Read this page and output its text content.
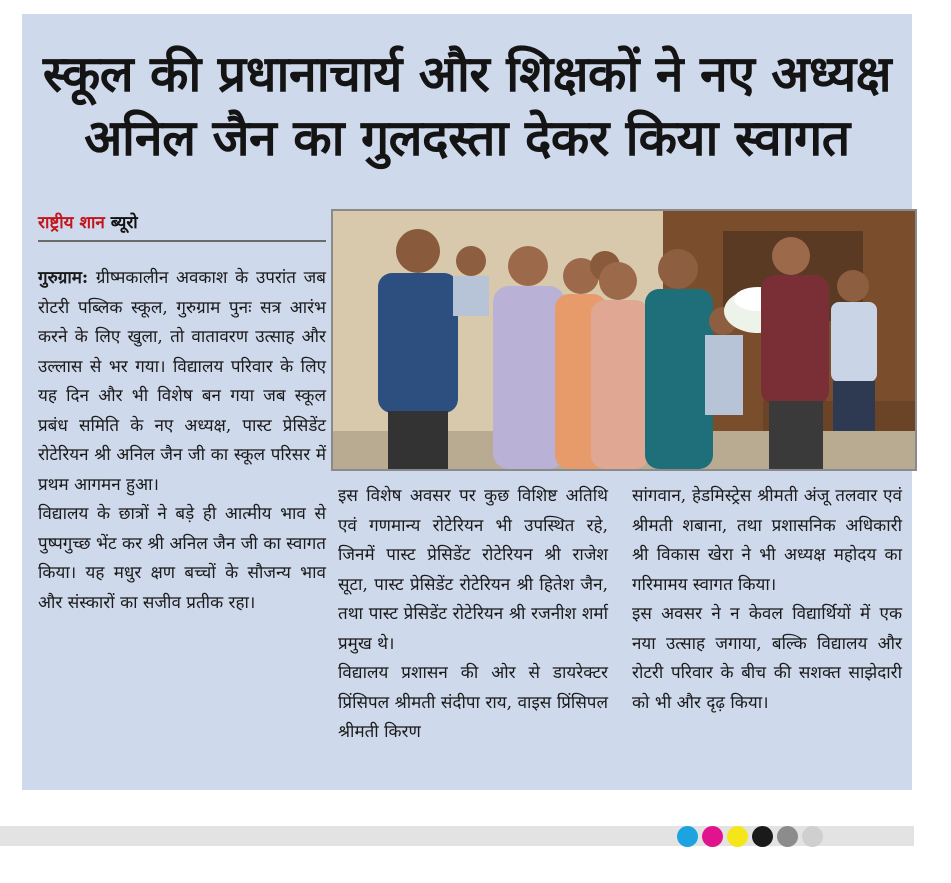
स्कूल की प्रधानाचार्य और शिक्षकों ने नए अध्यक्ष
अनिल जैन का गुलदस्ता देकर किया स्वागत
राष्ट्रीय शान ब्यूरो

गुरुग्राम: ग्रीष्मकालीन अवकाश के उपरांत जब रोटरी पब्लिक स्कूल, गुरुग्राम पुनः सत्र आरंभ करने के लिए खुला, तो वातावरण उत्साह और उल्लास से भर गया। विद्यालय परिवार के लिए यह दिन और भी विशेष बन गया जब स्कूल प्रबंध समिति के नए अध्यक्ष, पास्ट प्रेसिडेंट रोटेरियन श्री अनिल जैन जी का स्कूल परिसर में प्रथम आगमन हुआ।

विद्यालय के छात्रों ने बड़े ही आत्मीय भाव से पुष्पगुच्छ भेंट कर श्री अनिल जैन जी का स्वागत किया। यह मधुर क्षण बच्चों के सौजन्य भाव और संस्कारों का सजीव प्रतीक रहा।

इस विशेष अवसर पर कुछ विशिष्ट अतिथि एवं गणमान्य रोटेरियन भी उपस्थित रहे, जिनमें पास्ट प्रेसिडेंट रोटेरियन श्री राजेश सूटा, पास्ट प्रेसिडेंट रोटेरियन श्री हितेश जैन, तथा पास्ट प्रेसिडेंट रोटेरियन श्री रजनीश शर्मा प्रमुख थे।

विद्यालय प्रशासन की ओर से डायरेक्टर प्रिंसिपल श्रीमती संदीपा राय, वाइस प्रिंसिपल श्रीमती किरण

सांगवान, हेडमिस्ट्रेस श्रीमती अंजू तलवार एवं श्रीमती शबाना, तथा प्रशासनिक अधिकारी श्री विकास खेरा ने भी अध्यक्ष महोदय का गरिमामय स्वागत किया।

इस अवसर ने न केवल विद्यार्थियों में एक नया उत्साह जगाया, बल्कि विद्यालय और रोटरी परिवार के बीच की सशक्त साझेदारी को भी और दृढ़ किया।
